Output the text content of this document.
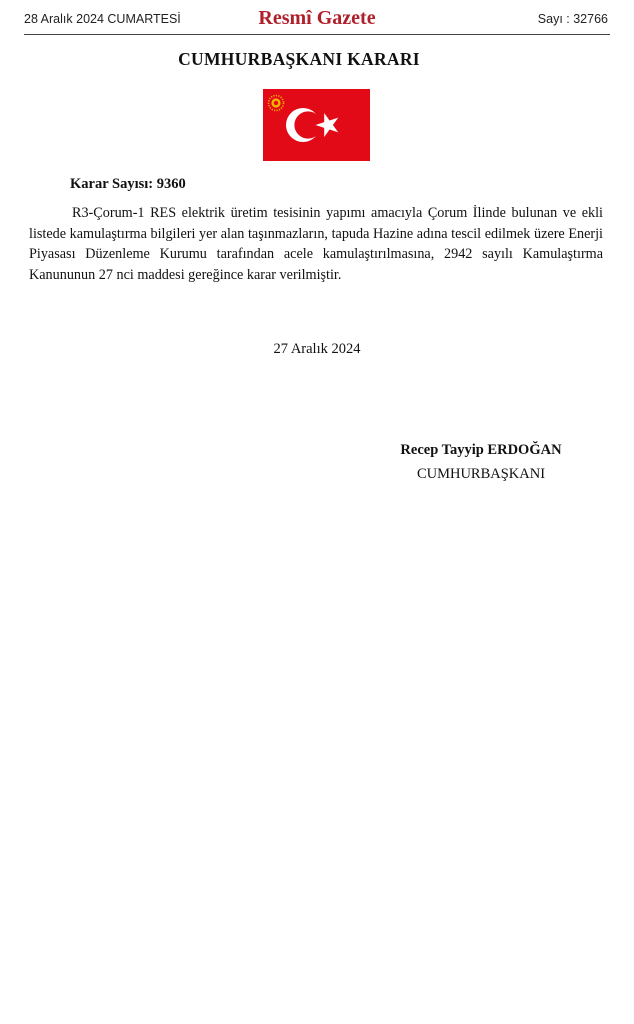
28 Aralık 2024 CUMARTESİ	Resmî Gazete	Sayı : 32766
CUMHURBAŞKANI KARARI
Karar Sayısı: 9360

R3-Çorum-1 RES elektrik üretim tesisinin yapımı amacıyla Çorum İlinde bulunan ve ekli listede kamulaştırma bilgileri yer alan taşınmazların, tapuda Hazine adına tescil edilmek üzere Enerji Piyasası Düzenleme Kurumu tarafından acele kamulaştırılmasına, 2942 sayılı Kamulaştırma Kanununun 27 nci maddesi gereğince karar verilmiştir.

27 Aralık 2024
Recep Tayyip ERDOĞAN
CUMHURBAŞKANI
